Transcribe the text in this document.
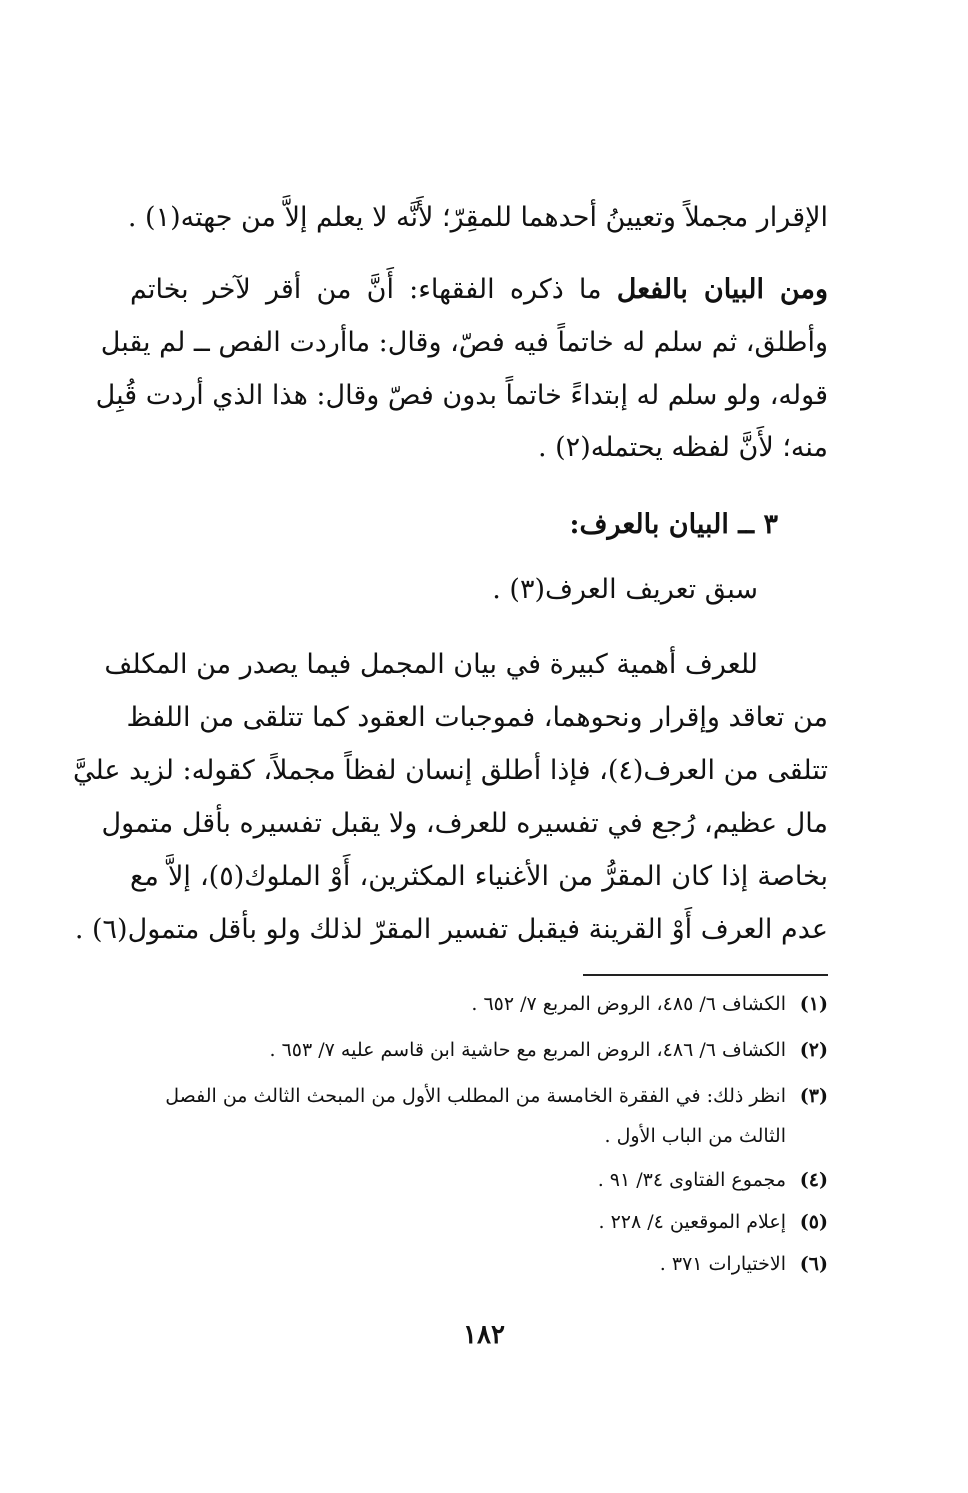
الإقرار مجملاً وتعيينُ أحدهما للمقِرّ؛ لأَنَّه لا يعلم إلاَّ من جهته(١) .
ومن البيان بالفعل ما ذكره الفقهاء: أَنَّ من أقر لآخر بخاتم
وأطلق، ثم سلم له خاتماً فيه فصّ، وقال: ماأردت الفص ــ لم يقبل
قوله، ولو سلم له إبتداءً خاتماً بدون فصّ وقال: هذا الذي أردت قُبِل
منه؛ لأَنَّ لفظه يحتمله(٢) .
٣ ــ البيان بالعرف:
سبق تعريف العرف(٣) .
للعرف أهمية كبيرة في بيان المجمل فيما يصدر من المكلف
من تعاقد وإقرار ونحوهما، فموجبات العقود كما تتلقى من اللفظ
تتلقى من العرف(٤)، فإذا أطلق إنسان لفظاً مجملاً، كقوله: لزيد عليَّ
مال عظيم، رُجع في تفسيره للعرف، ولا يقبل تفسيره بأقل متمول
بخاصة إذا كان المقرُّ من الأغنياء المكثرين، أَوْ الملوك(٥)، إلاَّ مع
عدم العرف أَوْ القرينة فيقبل تفسير المقرّ لذلك ولو بأقل متمول(٦) .
(١)الكشاف ٦/ ٤٨٥، الروض المربع ٧/ ٦٥٢ .
(٢)الكشاف ٦/ ٤٨٦، الروض المربع مع حاشية ابن قاسم عليه ٧/ ٦٥٣ .
(٣)انظر ذلك: في الفقرة الخامسة من المطلب الأول من المبحث الثالث من الفصل
الثالث من الباب الأول .
(٤)مجموع الفتاوى ٣٤/ ٩١ .
(٥)إعلام الموقعين ٤/ ٢٢٨ .
(٦)الاختيارات ٣٧١ .
١٨٢
